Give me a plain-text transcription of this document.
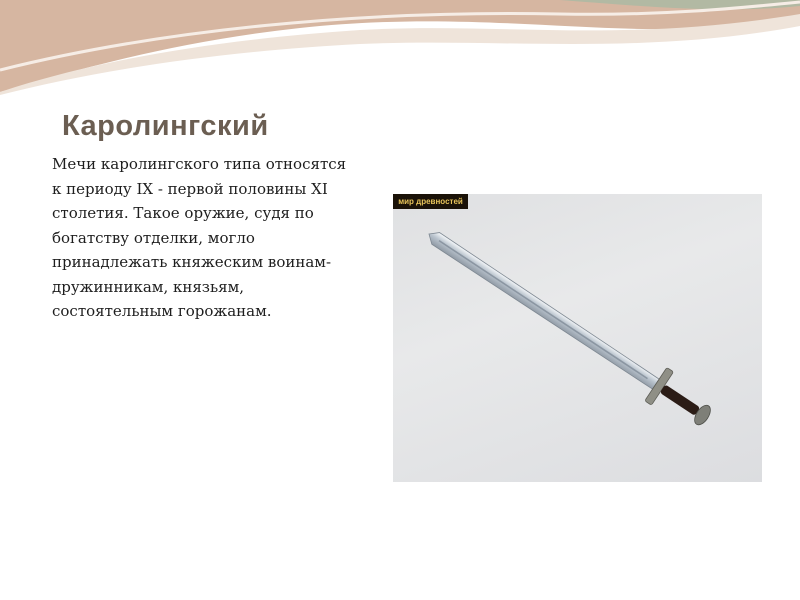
Каролингский

Мечи каролингского типа относятся к периоду IX - первой половины XI столетия. Такое оружие, судя по богатству отделки, могло принадлежать княжеским воинам-дружинникам, князьям, состоятельным горожанам.

мир древностей
